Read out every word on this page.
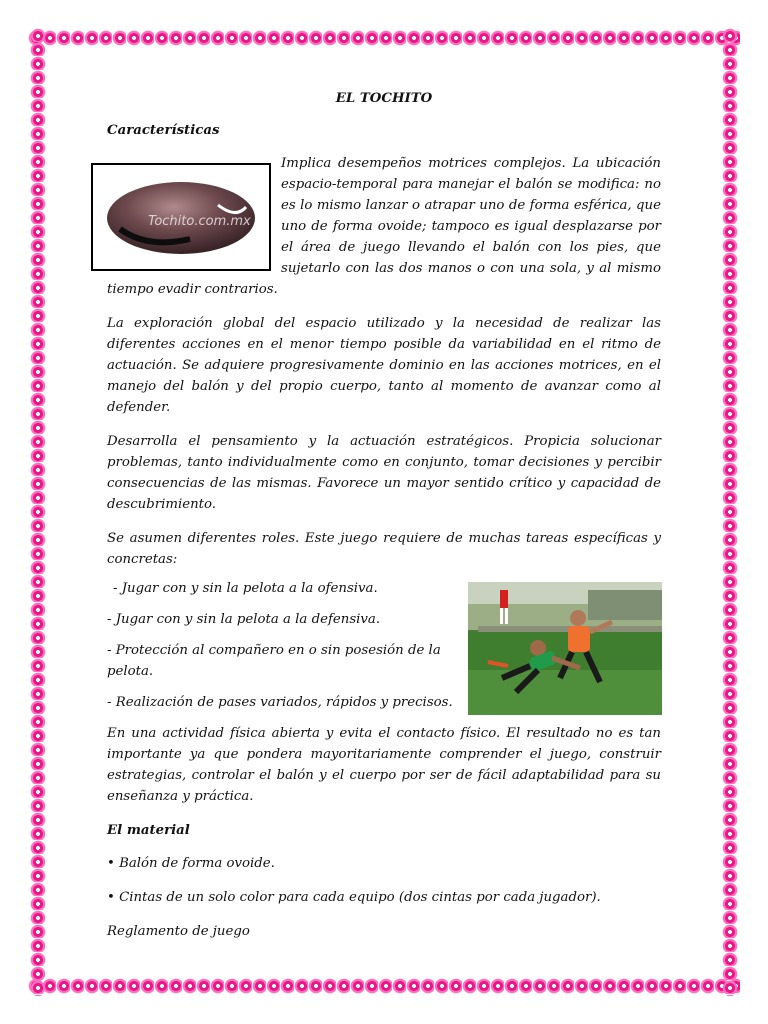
EL TOCHITO

Características

Tochito.com.mx

Implica desempeños motrices complejos. La ubicación espacio-temporal para manejar el balón se modifica: no es lo mismo lanzar o atrapar uno de forma esférica, que uno de forma ovoide; tampoco es igual desplazarse por el área de juego llevando el balón con los pies, que sujetarlo con las dos manos o con una sola, y al mismo tiempo evadir contrarios.

La exploración global del espacio utilizado y la necesidad de realizar las diferentes acciones en el menor tiempo posible da variabilidad en el ritmo de actuación. Se adquiere progresivamente dominio en las acciones motrices, en el manejo del balón y del propio cuerpo, tanto al momento de avanzar como al defender.

Desarrolla el pensamiento y la actuación estratégicos. Propicia solucionar problemas, tanto individualmente como en conjunto, tomar decisiones y percibir consecuencias de las mismas. Favorece un mayor sentido crítico y capacidad de descubrimiento.

Se asumen diferentes roles. Este juego requiere de muchas tareas específicas y concretas:

- Jugar con y sin la pelota a la ofensiva.

- Jugar con y sin la pelota a la defensiva.

- Protección al compañero en o sin posesión de la pelota.

- Realización de pases variados, rápidos y precisos.

En una actividad física abierta y evita el contacto físico. El resultado no es tan importante ya que pondera mayoritariamente comprender el juego, construir estrategias, controlar el balón y el cuerpo por ser de fácil adaptabilidad para su enseñanza y práctica.

El material

• Balón de forma ovoide.

• Cintas de un solo color para cada equipo (dos cintas por cada jugador).

Reglamento de juego
